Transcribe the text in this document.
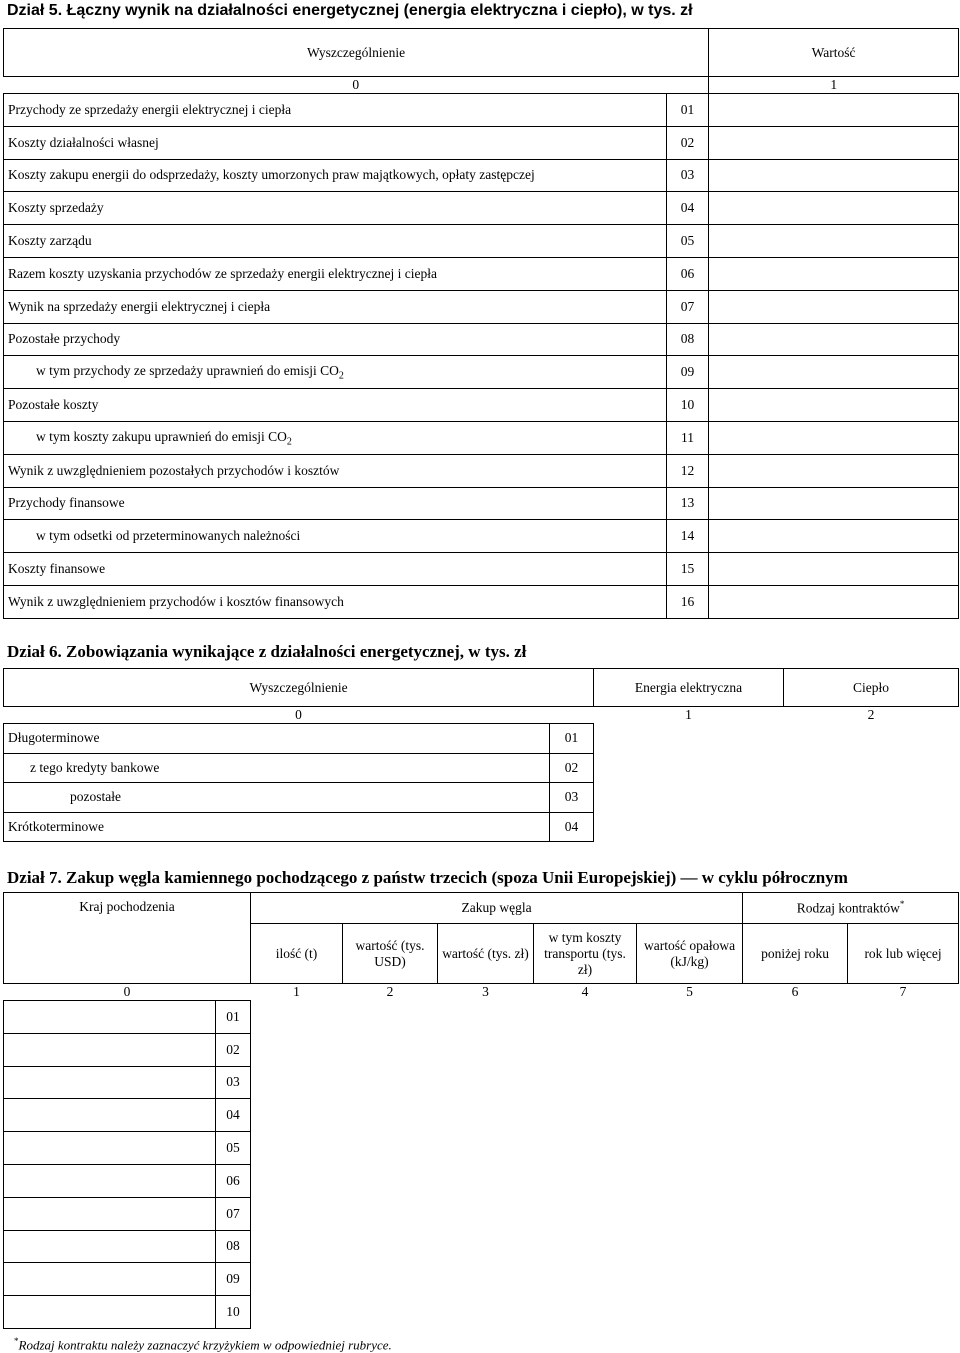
Dział 5. Łączny wynik na działalności energetycznej (energia elektryczna i ciepło), w tys. zł
Wyszczególnienie		Wartość
0		1
Przychody ze sprzedaży energii elektrycznej i ciepła	01	
Koszty działalności własnej	02	
Koszty zakupu energii do odsprzedaży, koszty umorzonych praw majątkowych, opłaty zastępczej	03	
Koszty sprzedaży	04	
Koszty zarządu	05	
Razem koszty uzyskania przychodów ze sprzedaży energii elektrycznej i ciepła	06	
Wynik na sprzedaży energii elektrycznej i ciepła	07	
Pozostałe przychody	08	
w tym przychody ze sprzedaży uprawnień do emisji $CO_2$	09	
Pozostałe koszty	10	
w tym koszty zakupu uprawnień do emisji $CO_2$	11	
Wynik z uwzględnieniem pozostałych przychodów i kosztów	12	
Przychody finansowe	13	
w tym odsetki od przeterminowanych należności	14	
Koszty finansowe	15	
Wynik z uwzględnieniem przychodów i kosztów finansowych	16	
Dział 6. Zobowiązania wynikające z działalności energetycznej, w tys. zł
Wyszczególnienie		Energia elektryczna	Ciepło
0		1	2
Długoterminowe	01		
z tego kredyty bankowe	02		
pozostałe	03		
Krótkoterminowe	04		
Dział 7. Zakup węgla kamiennego pochodzącego z państw trzecich (spoza Unii Europejskiej) — w cyklu półrocznym
Kraj pochodzenia		Zakup węgla					Rodzaj kontraktów*
		ilość (t)	wartość (tys. USD)	wartość (tys. zł)	w tym koszty transportu (tys. zł)	wartość opałowa (kJ/kg)	poniżej roku	rok lub więcej
0		1	2	3	4	5	6	7
	01							
	02							
	03							
	04							
	05							
	06							
	07							
	08							
	09							
	10							
*Rodzaj kontraktu należy zaznaczyć krzyżykiem w odpowiedniej rubryce.
